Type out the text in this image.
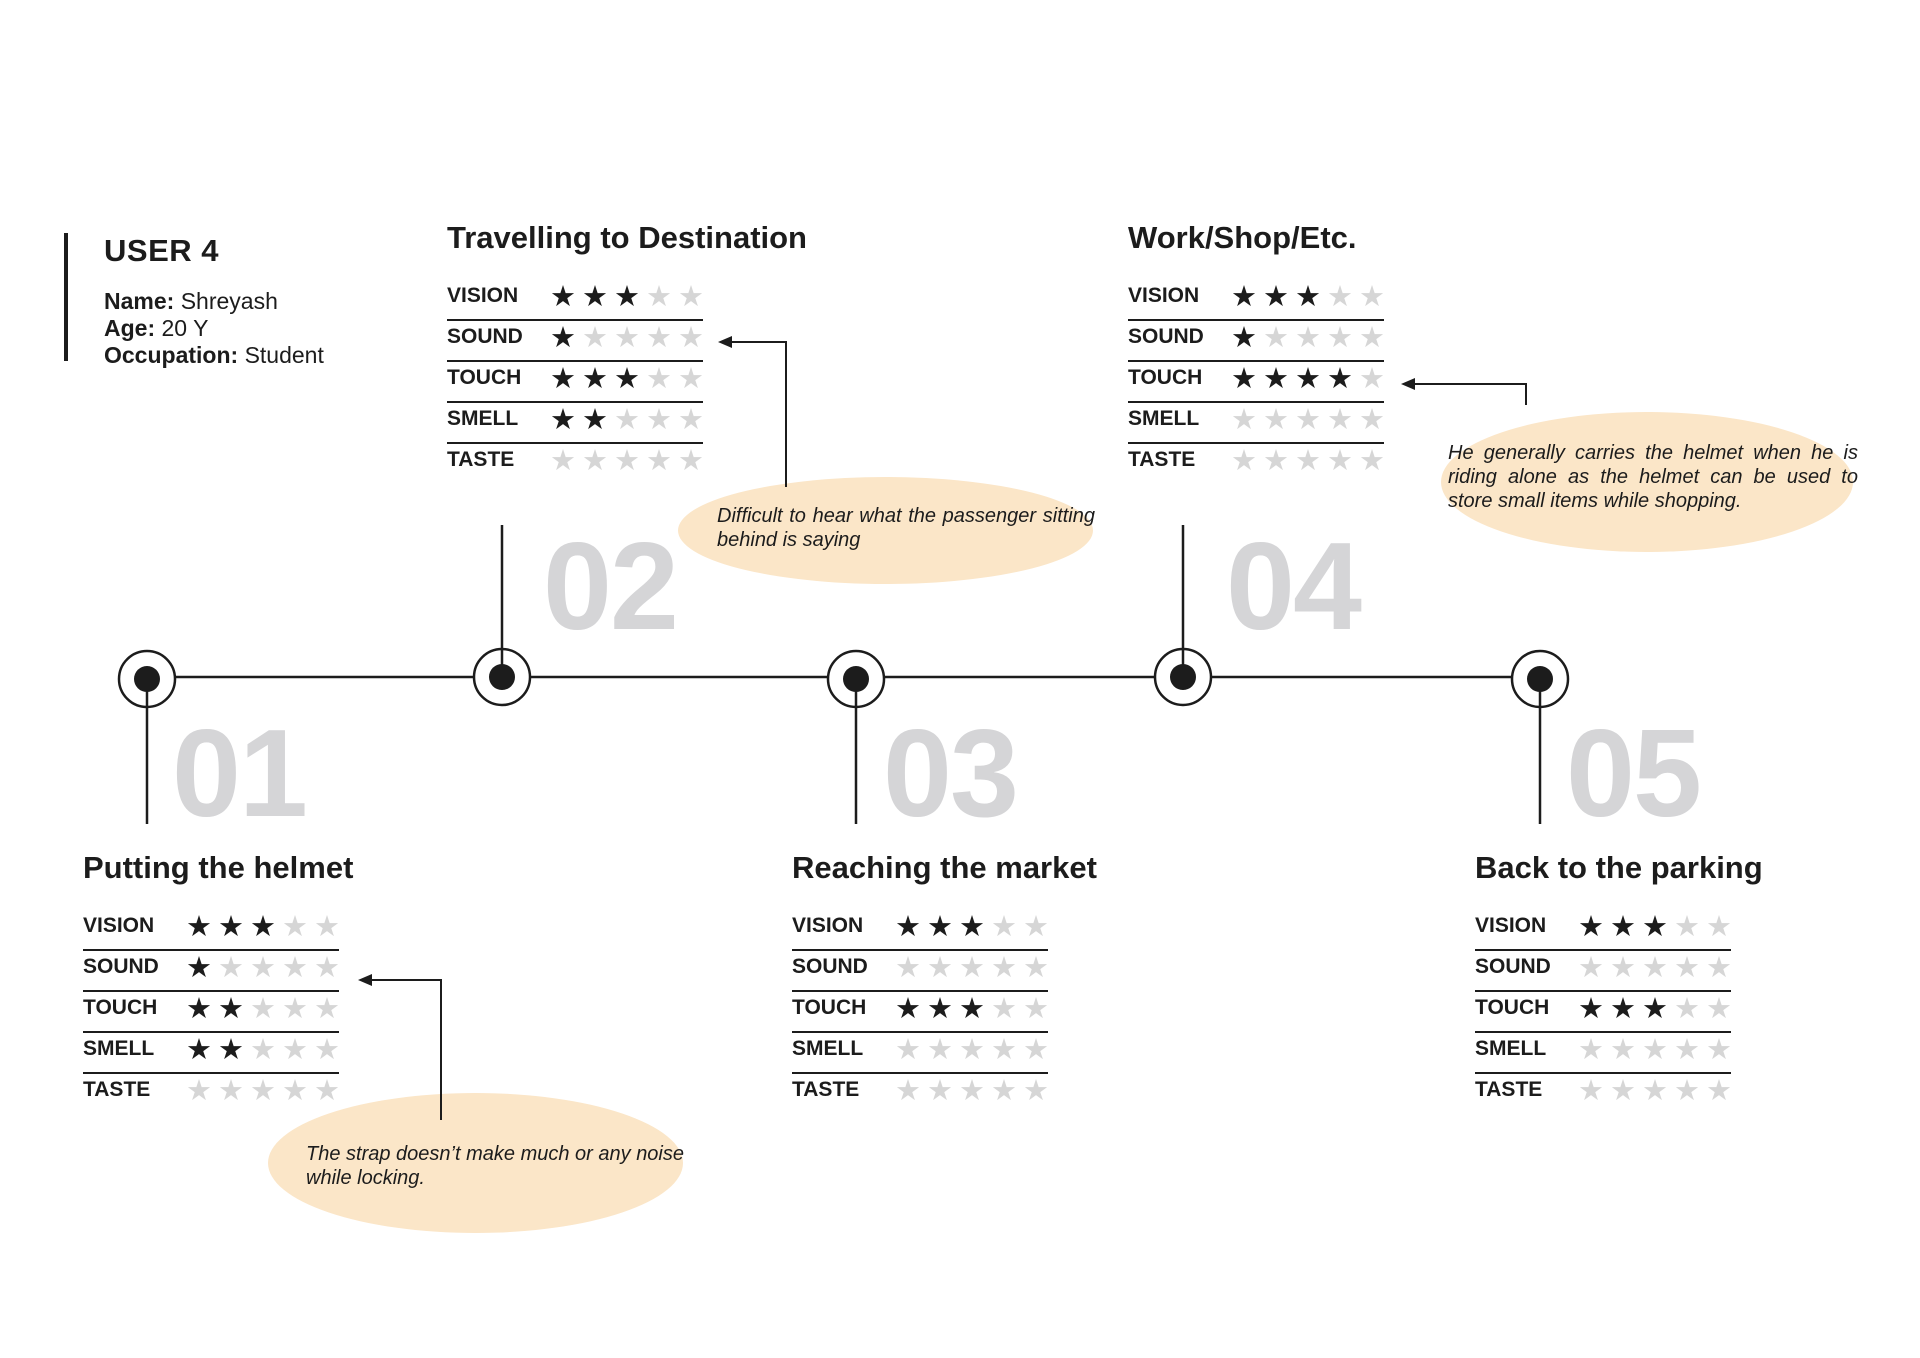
USER 4
Name: Shreyash
Age: 20 Y
Occupation: Student
01
02
03
04
05
The strap doesn’t make much or any noise while locking.
Difficult to hear what the passenger sitting behind is saying
He generally carries the helmet when he is riding alone as the helmet can be used to store small items while shopping.
Putting the helmet
VISION ★ ★ ★ ★ ★
SOUND ★ ★ ★ ★ ★
TOUCH ★ ★ ★ ★ ★
SMELL ★ ★ ★ ★ ★
TASTE ★ ★ ★ ★ ★
Travelling to Destination
VISION ★ ★ ★ ★ ★
SOUND ★ ★ ★ ★ ★
TOUCH ★ ★ ★ ★ ★
SMELL ★ ★ ★ ★ ★
TASTE ★ ★ ★ ★ ★
Reaching the market
VISION ★ ★ ★ ★ ★
SOUND ★ ★ ★ ★ ★
TOUCH ★ ★ ★ ★ ★
SMELL ★ ★ ★ ★ ★
TASTE ★ ★ ★ ★ ★
Work/Shop/Etc.
VISION ★ ★ ★ ★ ★
SOUND ★ ★ ★ ★ ★
TOUCH ★ ★ ★ ★ ★
SMELL ★ ★ ★ ★ ★
TASTE ★ ★ ★ ★ ★
Back to the parking
VISION ★ ★ ★ ★ ★
SOUND ★ ★ ★ ★ ★
TOUCH ★ ★ ★ ★ ★
SMELL ★ ★ ★ ★ ★
TASTE ★ ★ ★ ★ ★
